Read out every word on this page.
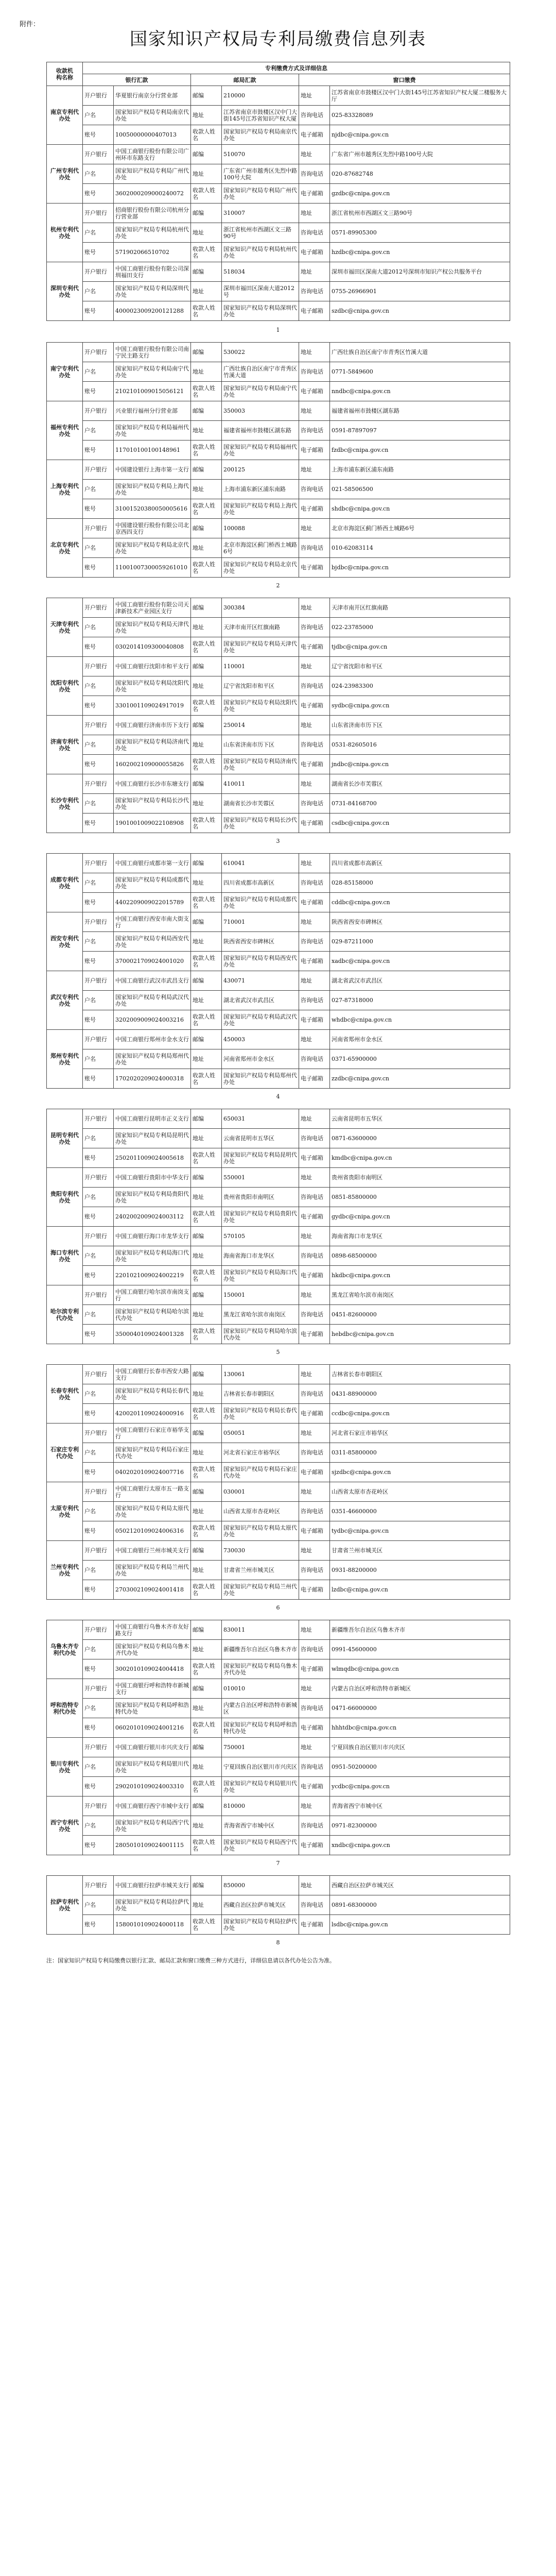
附件：
国家知识产权局专利局缴费信息列表
收款机
构名称	专利缴费方式及详细信息					
	银行汇款		邮局汇款		窗口缴费	
南京专利代办处	开户银行	华夏银行南京分行营业部	邮编	210000	地址	江苏省南京市鼓楼区汉中门大街145号江苏省知识产权大厦二楼服务大厅
	户名	国家知识产权局专利局南京代办处	地址	江苏省南京市鼓楼区汉中门大街145号江苏省知识产权大厦	咨询电话	025-83328089
	账号	10050000000407013	收款人姓名	国家知识产权局专利局南京代办处	电子邮箱	njdbc@cnipa.gov.cn
广州专利代办处	开户银行	中国工商银行股份有限公司广州环市东路支行	邮编	510070	地址	广东省广州市越秀区先烈中路100号大院
	户名	国家知识产权局专利局广州代办处	地址	广东省广州市越秀区先烈中路100号大院	咨询电话	020-87682748
	账号	3602000209000240072	收款人姓名	国家知识产权局专利局广州代办处	电子邮箱	gzdbc@cnipa.gov.cn
杭州专利代办处	开户银行	招商银行股份有限公司杭州分行营业部	邮编	310007	地址	浙江省杭州市西湖区文三路90号
	户名	国家知识产权局专利局杭州代办处	地址	浙江省杭州市西湖区文三路90号	咨询电话	0571-89905300
	账号	571902066510702	收款人姓名	国家知识产权局专利局杭州代办处	电子邮箱	hzdbc@cnipa.gov.cn
深圳专利代办处	开户银行	中国工商银行股份有限公司深圳福田支行	邮编	518034	地址	深圳市福田区深南大道2012号深圳市知识产权公共服务平台
	户名	国家知识产权局专利局深圳代办处	地址	深圳市福田区深南大道2012号	咨询电话	0755-26966901
	账号	4000023009200121288	收款人姓名	国家知识产权局专利局深圳代办处	电子邮箱	szdbc@cnipa.gov.cn
南宁专利代办处	开户银行	中国工商银行股份有限公司南宁民主路支行	邮编	530022	地址	广西壮族自治区南宁市青秀区竹溪大道
	户名	国家知识产权局专利局南宁代办处	地址	广西壮族自治区南宁市青秀区竹溪大道	咨询电话	0771-5849600
	账号	2102101009015056121	收款人姓名	国家知识产权局专利局南宁代办处	电子邮箱	nndbc@cnipa.gov.cn
福州专利代办处	开户银行	兴业银行福州分行营业部	邮编	350003	地址	福建省福州市鼓楼区湖东路
	户名	国家知识产权局专利局福州代办处	地址	福建省福州市鼓楼区湖东路	咨询电话	0591-87897097
	账号	117010100100148961	收款人姓名	国家知识产权局专利局福州代办处	电子邮箱	fzdbc@cnipa.gov.cn
上海专利代办处	开户银行	中国建设银行上海市第一支行	邮编	200125	地址	上海市浦东新区浦东南路
	户名	国家知识产权局专利局上海代办处	地址	上海市浦东新区浦东南路	咨询电话	021-58506500
	账号	31001520380050005616	收款人姓名	国家知识产权局专利局上海代办处	电子邮箱	shdbc@cnipa.gov.cn
北京专利代办处	开户银行	中国建设银行股份有限公司北京西四支行	邮编	100088	地址	北京市海淀区蓟门桥西土城路6号
	户名	国家知识产权局专利局北京代办处	地址	北京市海淀区蓟门桥西土城路6号	咨询电话	010-62083114
	账号	11001007300059261010	收款人姓名	国家知识产权局专利局北京代办处	电子邮箱	bjdbc@cnipa.gov.cn
天津专利代办处	开户银行	中国工商银行股份有限公司天津新技术产业园区支行	邮编	300384	地址	天津市南开区红旗南路
	户名	国家知识产权局专利局天津代办处	地址	天津市南开区红旗南路	咨询电话	022-23785000
	账号	0302014109300040808	收款人姓名	国家知识产权局专利局天津代办处	电子邮箱	tjdbc@cnipa.gov.cn
沈阳专利代办处	开户银行	中国工商银行沈阳市和平支行	邮编	110001	地址	辽宁省沈阳市和平区
	户名	国家知识产权局专利局沈阳代办处	地址	辽宁省沈阳市和平区	咨询电话	024-23983300
	账号	3301001109024917019	收款人姓名	国家知识产权局专利局沈阳代办处	电子邮箱	sydbc@cnipa.gov.cn
济南专利代办处	开户银行	中国工商银行济南市历下支行	邮编	250014	地址	山东省济南市历下区
	户名	国家知识产权局专利局济南代办处	地址	山东省济南市历下区	咨询电话	0531-82605016
	账号	1602002109000055826	收款人姓名	国家知识产权局专利局济南代办处	电子邮箱	jndbc@cnipa.gov.cn
长沙专利代办处	开户银行	中国工商银行长沙市东塘支行	邮编	410011	地址	湖南省长沙市芙蓉区
	户名	国家知识产权局专利局长沙代办处	地址	湖南省长沙市芙蓉区	咨询电话	0731-84168700
	账号	1901001009022108908	收款人姓名	国家知识产权局专利局长沙代办处	电子邮箱	csdbc@cnipa.gov.cn
成都专利代办处	开户银行	中国工商银行成都市第一支行	邮编	610041	地址	四川省成都市高新区
	户名	国家知识产权局专利局成都代办处	地址	四川省成都市高新区	咨询电话	028-85158000
	账号	4402209009022015789	收款人姓名	国家知识产权局专利局成都代办处	电子邮箱	cddbc@cnipa.gov.cn
西安专利代办处	开户银行	中国工商银行西安市南大街支行	邮编	710001	地址	陕西省西安市碑林区
	户名	国家知识产权局专利局西安代办处	地址	陕西省西安市碑林区	咨询电话	029-87211000
	账号	3700021709024001020	收款人姓名	国家知识产权局专利局西安代办处	电子邮箱	xadbc@cnipa.gov.cn
武汉专利代办处	开户银行	中国工商银行武汉市武昌支行	邮编	430071	地址	湖北省武汉市武昌区
	户名	国家知识产权局专利局武汉代办处	地址	湖北省武汉市武昌区	咨询电话	027-87318000
	账号	3202009009024003216	收款人姓名	国家知识产权局专利局武汉代办处	电子邮箱	whdbc@cnipa.gov.cn
郑州专利代办处	开户银行	中国工商银行郑州市金水支行	邮编	450003	地址	河南省郑州市金水区
	户名	国家知识产权局专利局郑州代办处	地址	河南省郑州市金水区	咨询电话	0371-65900000
	账号	1702020209024000318	收款人姓名	国家知识产权局专利局郑州代办处	电子邮箱	zzdbc@cnipa.gov.cn
昆明专利代办处	开户银行	中国工商银行昆明市正义支行	邮编	650031	地址	云南省昆明市五华区
	户名	国家知识产权局专利局昆明代办处	地址	云南省昆明市五华区	咨询电话	0871-63600000
	账号	2502011009024005618	收款人姓名	国家知识产权局专利局昆明代办处	电子邮箱	kmdbc@cnipa.gov.cn
贵阳专利代办处	开户银行	中国工商银行贵阳市中华支行	邮编	550001	地址	贵州省贵阳市南明区
	户名	国家知识产权局专利局贵阳代办处	地址	贵州省贵阳市南明区	咨询电话	0851-85800000
	账号	2402002009024003112	收款人姓名	国家知识产权局专利局贵阳代办处	电子邮箱	gydbc@cnipa.gov.cn
海口专利代办处	开户银行	中国工商银行海口市龙华支行	邮编	570105	地址	海南省海口市龙华区
	户名	国家知识产权局专利局海口代办处	地址	海南省海口市龙华区	咨询电话	0898-68500000
	账号	2201021009024002219	收款人姓名	国家知识产权局专利局海口代办处	电子邮箱	hkdbc@cnipa.gov.cn
哈尔滨专利代办处	开户银行	中国工商银行哈尔滨市南岗支行	邮编	150001	地址	黑龙江省哈尔滨市南岗区
	户名	国家知识产权局专利局哈尔滨代办处	地址	黑龙江省哈尔滨市南岗区	咨询电话	0451-82600000
	账号	3500040109024001328	收款人姓名	国家知识产权局专利局哈尔滨代办处	电子邮箱	hebdbc@cnipa.gov.cn
长春专利代办处	开户银行	中国工商银行长春市西安大路支行	邮编	130061	地址	吉林省长春市朝阳区
	户名	国家知识产权局专利局长春代办处	地址	吉林省长春市朝阳区	咨询电话	0431-88900000
	账号	4200201109024000916	收款人姓名	国家知识产权局专利局长春代办处	电子邮箱	ccdbc@cnipa.gov.cn
石家庄专利代办处	开户银行	中国工商银行石家庄市裕华支行	邮编	050051	地址	河北省石家庄市裕华区
	户名	国家知识产权局专利局石家庄代办处	地址	河北省石家庄市裕华区	咨询电话	0311-85800000
	账号	0402020109024007716	收款人姓名	国家知识产权局专利局石家庄代办处	电子邮箱	sjzdbc@cnipa.gov.cn
太原专利代办处	开户银行	中国工商银行太原市五一路支行	邮编	030001	地址	山西省太原市杏花岭区
	户名	国家知识产权局专利局太原代办处	地址	山西省太原市杏花岭区	咨询电话	0351-46600000
	账号	0502120109024006316	收款人姓名	国家知识产权局专利局太原代办处	电子邮箱	tydbc@cnipa.gov.cn
兰州专利代办处	开户银行	中国工商银行兰州市城关支行	邮编	730030	地址	甘肃省兰州市城关区
	户名	国家知识产权局专利局兰州代办处	地址	甘肃省兰州市城关区	咨询电话	0931-88200000
	账号	2703002109024001418	收款人姓名	国家知识产权局专利局兰州代办处	电子邮箱	lzdbc@cnipa.gov.cn
乌鲁木齐专利代办处	开户银行	中国工商银行乌鲁木齐市友好路支行	邮编	830011	地址	新疆维吾尔自治区乌鲁木齐市
	户名	国家知识产权局专利局乌鲁木齐代办处	地址	新疆维吾尔自治区乌鲁木齐市	咨询电话	0991-45600000
	账号	3002010109024004418	收款人姓名	国家知识产权局专利局乌鲁木齐代办处	电子邮箱	wlmqdbc@cnipa.gov.cn
呼和浩特专利代办处	开户银行	中国工商银行呼和浩特市新城支行	邮编	010010	地址	内蒙古自治区呼和浩特市新城区
	户名	国家知识产权局专利局呼和浩特代办处	地址	内蒙古自治区呼和浩特市新城区	咨询电话	0471-66000000
	账号	0602010109024001216	收款人姓名	国家知识产权局专利局呼和浩特代办处	电子邮箱	hhhtdbc@cnipa.gov.cn
银川专利代办处	开户银行	中国工商银行银川市兴庆支行	邮编	750001	地址	宁夏回族自治区银川市兴庆区
	户名	国家知识产权局专利局银川代办处	地址	宁夏回族自治区银川市兴庆区	咨询电话	0951-50200000
	账号	2902010109024003310	收款人姓名	国家知识产权局专利局银川代办处	电子邮箱	ycdbc@cnipa.gov.cn
西宁专利代办处	开户银行	中国工商银行西宁市城中支行	邮编	810000	地址	青海省西宁市城中区
	户名	国家知识产权局专利局西宁代办处	地址	青海省西宁市城中区	咨询电话	0971-82300000
	账号	2805010109024001115	收款人姓名	国家知识产权局专利局西宁代办处	电子邮箱	xndbc@cnipa.gov.cn
拉萨专利代办处	开户银行	中国工商银行拉萨市城关支行	邮编	850000	地址	西藏自治区拉萨市城关区
	户名	国家知识产权局专利局拉萨代办处	地址	西藏自治区拉萨市城关区	咨询电话	0891-68300000
	账号	1580010109024000118	收款人姓名	国家知识产权局专利局拉萨代办处	电子邮箱	lsdbc@cnipa.gov.cn
注：国家知识产权局专利局缴费以银行汇款、邮局汇款和窗口缴费三种方式进行，详细信息请以各代办处公告为准。
1
2
3
4
5
6
7
8
